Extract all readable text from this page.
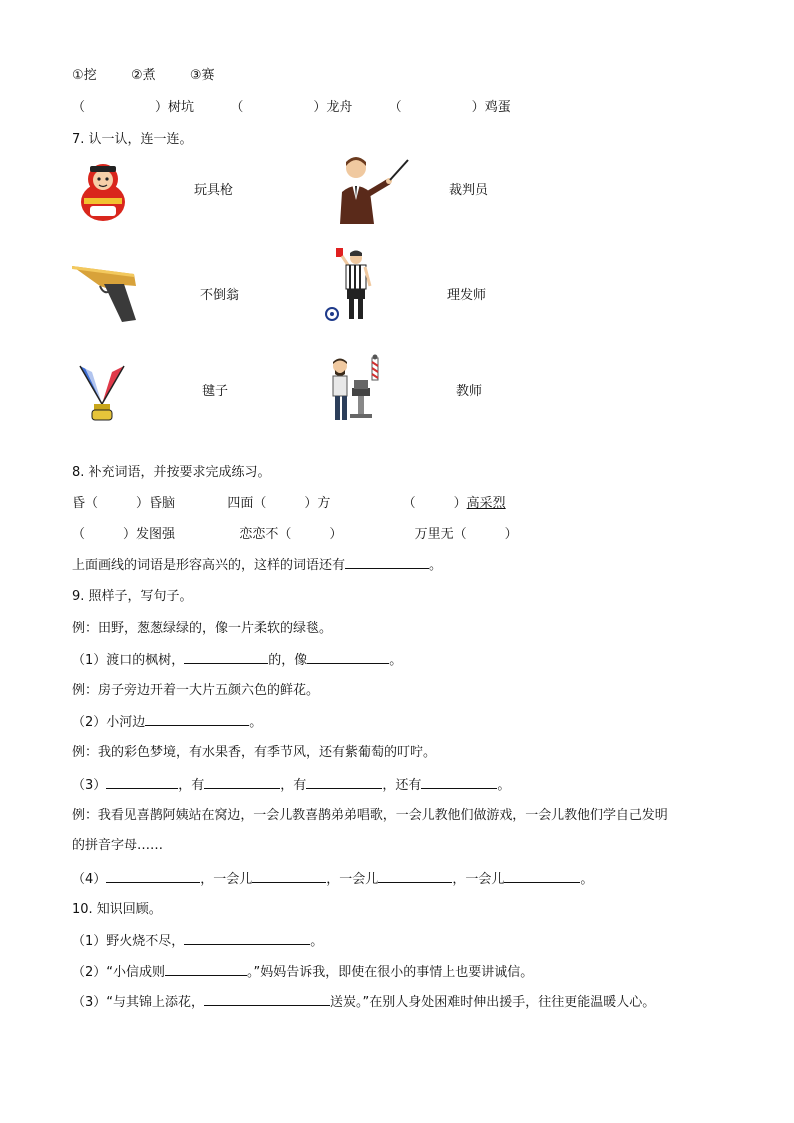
①挖	②煮	③赛
（	）树坑	（	）龙舟	（	）鸡蛋
7. 认一认，连一连。
玩具枪	裁判员
不倒翁	理发师
毽子	教师
8. 补充词语，并按要求完成练习。
昏（	）昏脑	四面（	）方	（	）高采烈
（	）发图强	恋恋不（	）	万里无（	）
上面画线的词语是形容高兴的，这样的词语还有	。
9. 照样子，写句子。
例：田野，葱葱绿绿的，像一片柔软的绿毯。
（1）渡口的枫树，	的，像	。
例：房子旁边开着一大片五颜六色的鲜花。
（2）小河边	。
例：我的彩色梦境，有水果香，有季节风，还有紫葡萄的叮咛。
（3）	，有	，有	，还有	。
例：我看见喜鹊阿姨站在窝边，一会儿教喜鹊弟弟唱歌，一会儿教他们做游戏，一会儿教他们学自己发明
的拼音字母……
（4）	，一会儿	，一会儿	，一会儿	。
10. 知识回顾。
（1）野火烧不尽，	。
（2）“小信成则	。”妈妈告诉我，即使在很小的事情上也要讲诚信。
（3）“与其锦上添花，	送炭。”在别人身处困难时伸出援手，往往更能温暖人心。
